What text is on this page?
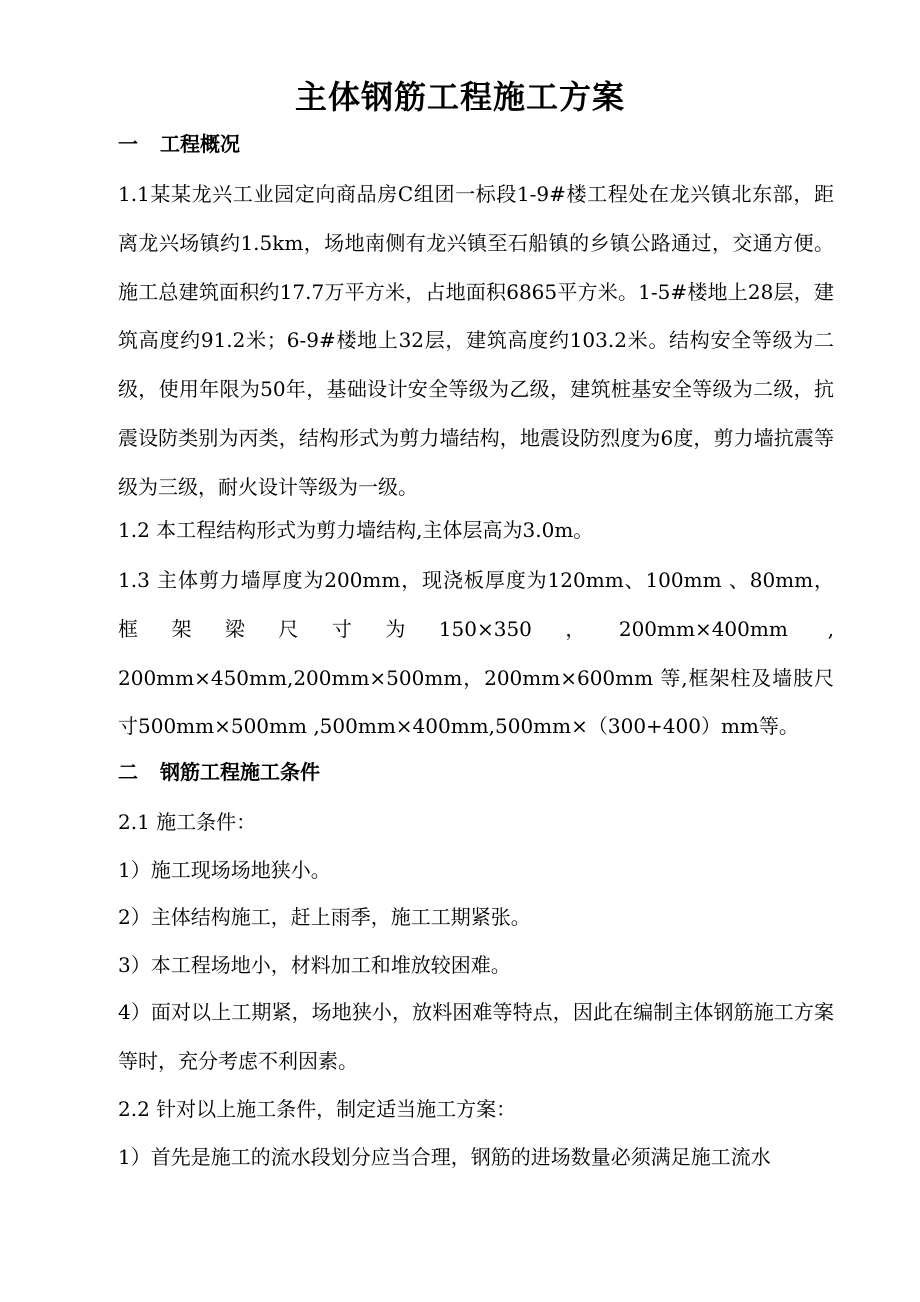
主体钢筋工程施工方案
一 工程概况
1.1某某龙兴工业园定向商品房C组团一标段1-9#楼工程处在龙兴镇北东部，距离龙兴场镇约1.5km，场地南侧有龙兴镇至石船镇的乡镇公路通过，交通方便。施工总建筑面积约17.7万平方米，占地面积6865平方米。1-5#楼地上28层，建筑高度约91.2米；6-9#楼地上32层，建筑高度约103.2米。结构安全等级为二级，使用年限为50年，基础设计安全等级为乙级，建筑桩基安全等级为二级，抗震设防类别为丙类，结构形式为剪力墙结构，地震设防烈度为6度，剪力墙抗震等级为三级，耐火设计等级为一级。
1.2 本工程结构形式为剪力墙结构,主体层高为3.0m。
1.3 主体剪力墙厚度为200mm，现浇板厚度为120mm、100mm 、80mm，框架梁尺寸为150×350，200mm×400mm , 200mm×450mm,200mm×500mm，200mm×600mm 等,框架柱及墙肢尺寸500mm×500mm ,500mm×400mm,500mm×（300+400）mm等。
二 钢筋工程施工条件
2.1 施工条件：
1）施工现场场地狭小。
2）主体结构施工，赶上雨季，施工工期紧张。
3）本工程场地小，材料加工和堆放较困难。
4）面对以上工期紧，场地狭小，放料困难等特点，因此在编制主体钢筋施工方案等时，充分考虑不利因素。
2.2 针对以上施工条件，制定适当施工方案：
1）首先是施工的流水段划分应当合理，钢筋的进场数量必须满足施工流水
